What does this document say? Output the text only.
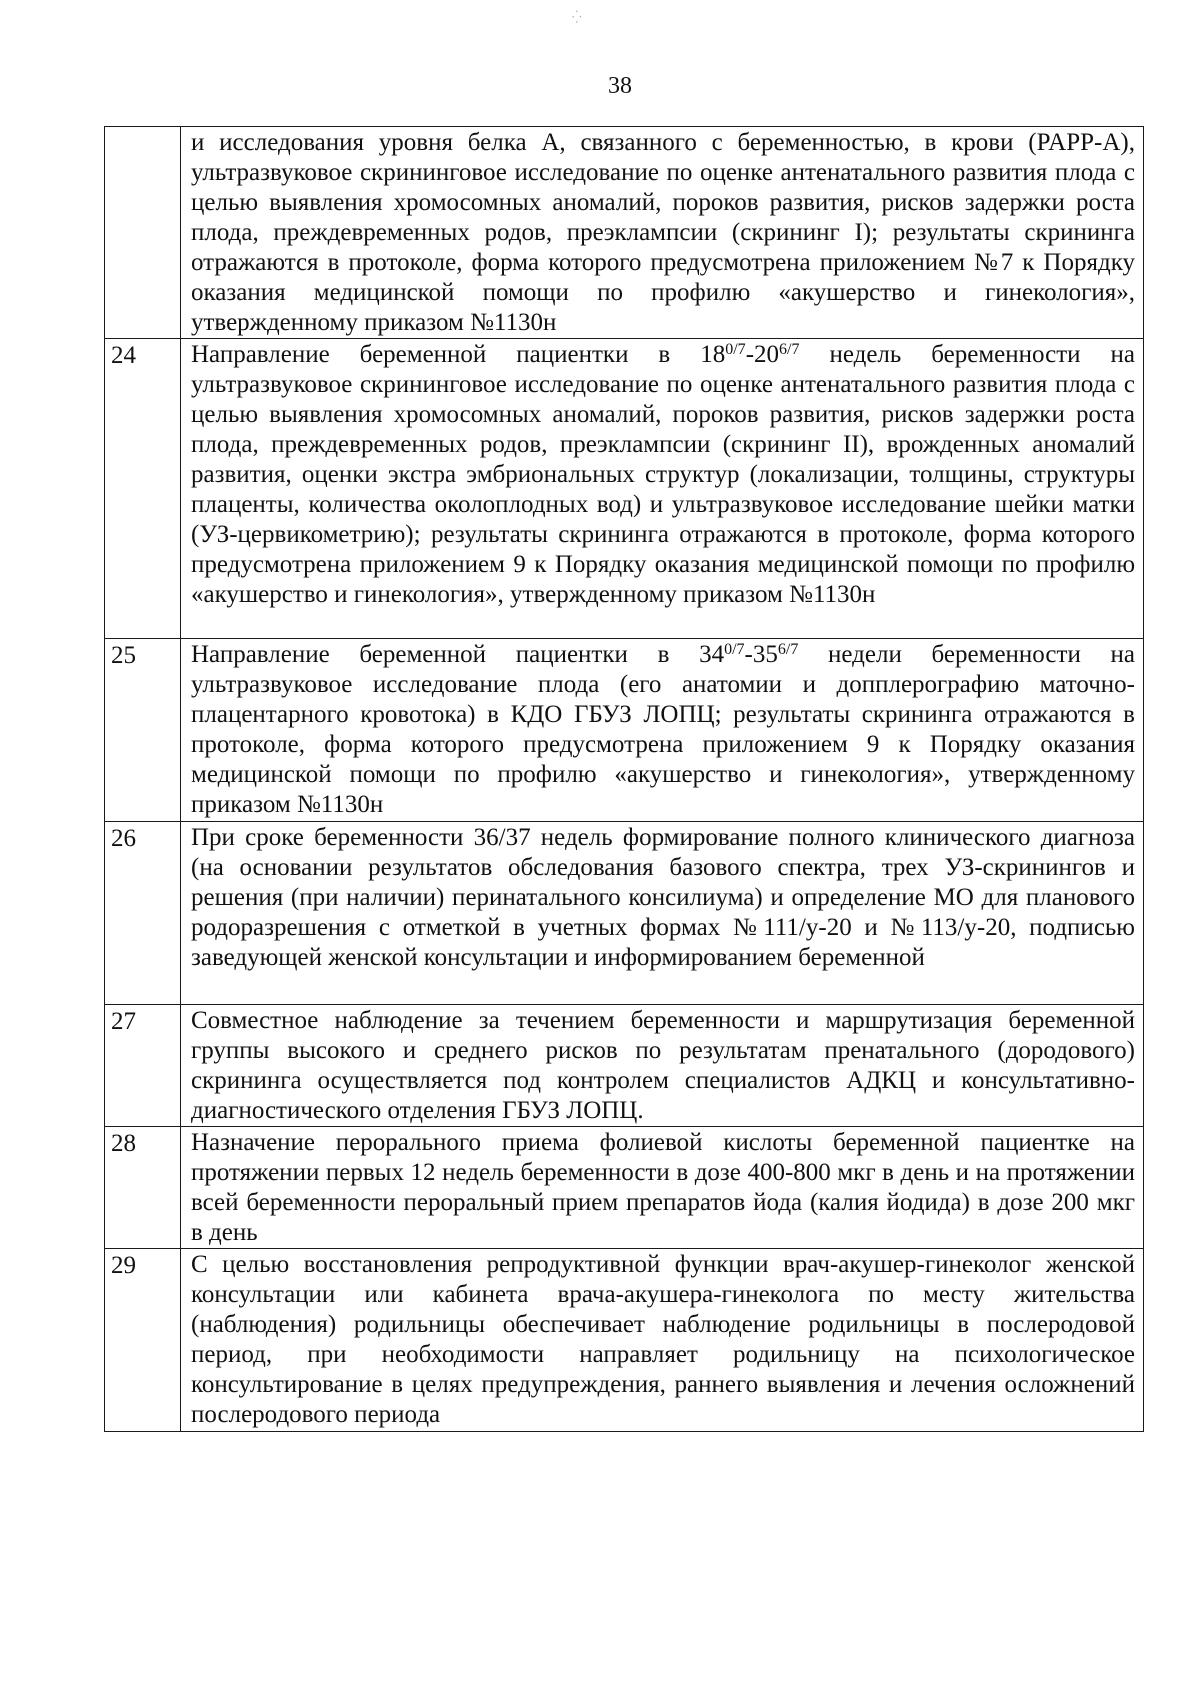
⁛
38
	и исследования уровня белка А, связанного с беременностью, в крови (PAPP-A), ультразвуковое скрининговое исследование по оценке антенатального развития плода с целью выявления хромосомных аномалий, пороков развития, рисков задержки роста плода, преждевременных родов, преэклампсии (скрининг I); результаты скрининга отражаются в протоколе, форма которого предусмотрена приложением №7 к Порядку оказания медицинской помощи по профилю «акушерство и гинекология», утвержденному приказом №1130н
24	Направление беременной пациентки в $18^{0/7}-20^{6/7}$ недель беременности на ультразвуковое скрининговое исследование по оценке антенатального развития плода с целью выявления хромосомных аномалий, пороков развития, рисков задержки роста плода, преждевременных родов, преэклампсии (скрининг II), врожденных аномалий развития, оценки экстра эмбриональных структур (локализации, толщины, структуры плаценты, количества околоплодных вод) и ультразвуковое исследование шейки матки (УЗ-цервикометрию); результаты скрининга отражаются в протоколе, форма которого предусмотрена приложением 9 к Порядку оказания медицинской помощи по профилю «акушерство и гинекология», утвержденному приказом №1130н
25	Направление беременной пациентки в $34^{0/7}-35^{6/7}$ недели беременности на ультразвуковое исследование плода (его анатомии и допплерографию маточно-плацентарного кровотока) в КДО ГБУЗ ЛОПЦ; результаты скрининга отражаются в протоколе, форма которого предусмотрена приложением 9 к Порядку оказания медицинской помощи по профилю «акушерство и гинекология», утвержденному приказом №1130н
26	При сроке беременности 36/37 недель формирование полного клинического диагноза (на основании результатов обследования базового спектра, трех УЗ-скринингов и решения (при наличии) перинатального консилиума) и определение МО для планового родоразрешения с отметкой в учетных формах №111/у-20 и №113/у-20, подписью заведующей женской консультации и информированием беременной
27	Совместное наблюдение за течением беременности и маршрутизация беременной группы высокого и среднего рисков по результатам пренатального (дородового) скрининга осуществляется под контролем специалистов АДКЦ и консультативно-диагностического отделения ГБУЗ ЛОПЦ.
28	Назначение перорального приема фолиевой кислоты беременной пациентке на протяжении первых 12 недель беременности в дозе 400-800 мкг в день и на протяжении всей беременности пероральный прием препаратов йода (калия йодида) в дозе 200 мкг в день
29	С целью восстановления репродуктивной функции врач-акушер-гинеколог женской консультации или кабинета врача-акушера-гинеколога по месту жительства (наблюдения) родильницы обеспечивает наблюдение родильницы в послеродовой период, при необходимости направляет родильницу на психологическое консультирование в целях предупреждения, раннего выявления и лечения осложнений послеродового периода
